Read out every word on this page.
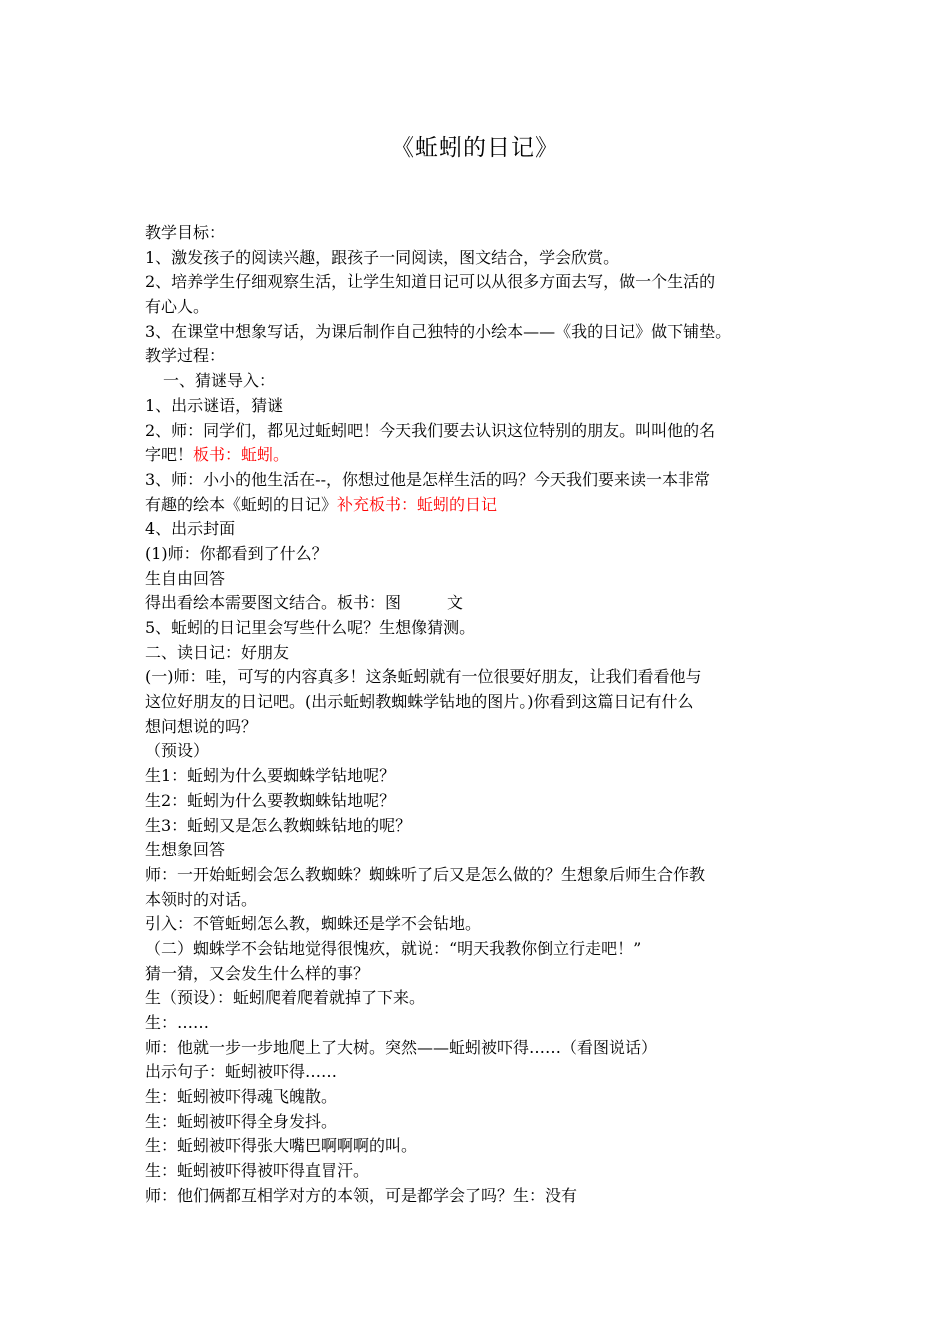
《蚯蚓的日记》
教学目标：
1、激发孩子的阅读兴趣，跟孩子一同阅读，图文结合，学会欣赏。
2、培养学生仔细观察生活，让学生知道日记可以从很多方面去写，做一个生活的
有心人。
3、在课堂中想象写话，为课后制作自己独特的小绘本——《我的日记》做下铺垫。
教学过程：
一、猜谜导入：
1、出示谜语，猜谜
2、师：同学们，都见过蚯蚓吧！今天我们要去认识这位特别的朋友。叫叫他的名
字吧！板书：蚯蚓。
3、师：小小的他生活在--，你想过他是怎样生活的吗？今天我们要来读一本非常
有趣的绘本《蚯蚓的日记》补充板书：蚯蚓的日记
4、出示封面
(1)师：你都看到了什么？
生自由回答
得出看绘本需要图文结合。板书：图	文
5、蚯蚓的日记里会写些什么呢？生想像猜测。
二、读日记：好朋友
(一)师：哇，可写的内容真多！这条蚯蚓就有一位很要好朋友，让我们看看他与
这位好朋友的日记吧。(出示蚯蚓教蜘蛛学钻地的图片。)你看到这篇日记有什么
想问想说的吗？
（预设）
生1：蚯蚓为什么要蜘蛛学钻地呢？
生2：蚯蚓为什么要教蜘蛛钻地呢？
生3：蚯蚓又是怎么教蜘蛛钻地的呢？
生想象回答
师：一开始蚯蚓会怎么教蜘蛛？蜘蛛听了后又是怎么做的？生想象后师生合作教
本领时的对话。
引入：不管蚯蚓怎么教，蜘蛛还是学不会钻地。
（二）蜘蛛学不会钻地觉得很愧疚，就说：“明天我教你倒立行走吧！”
猜一猜，又会发生什么样的事？
生（预设）：蚯蚓爬着爬着就掉了下来。
生：……
师：他就一步一步地爬上了大树。突然——蚯蚓被吓得……（看图说话）
出示句子：蚯蚓被吓得……
生：蚯蚓被吓得魂飞魄散。
生：蚯蚓被吓得全身发抖。
生：蚯蚓被吓得张大嘴巴啊啊啊的叫。
生：蚯蚓被吓得被吓得直冒汗。
师：他们俩都互相学对方的本领，可是都学会了吗？生：没有
